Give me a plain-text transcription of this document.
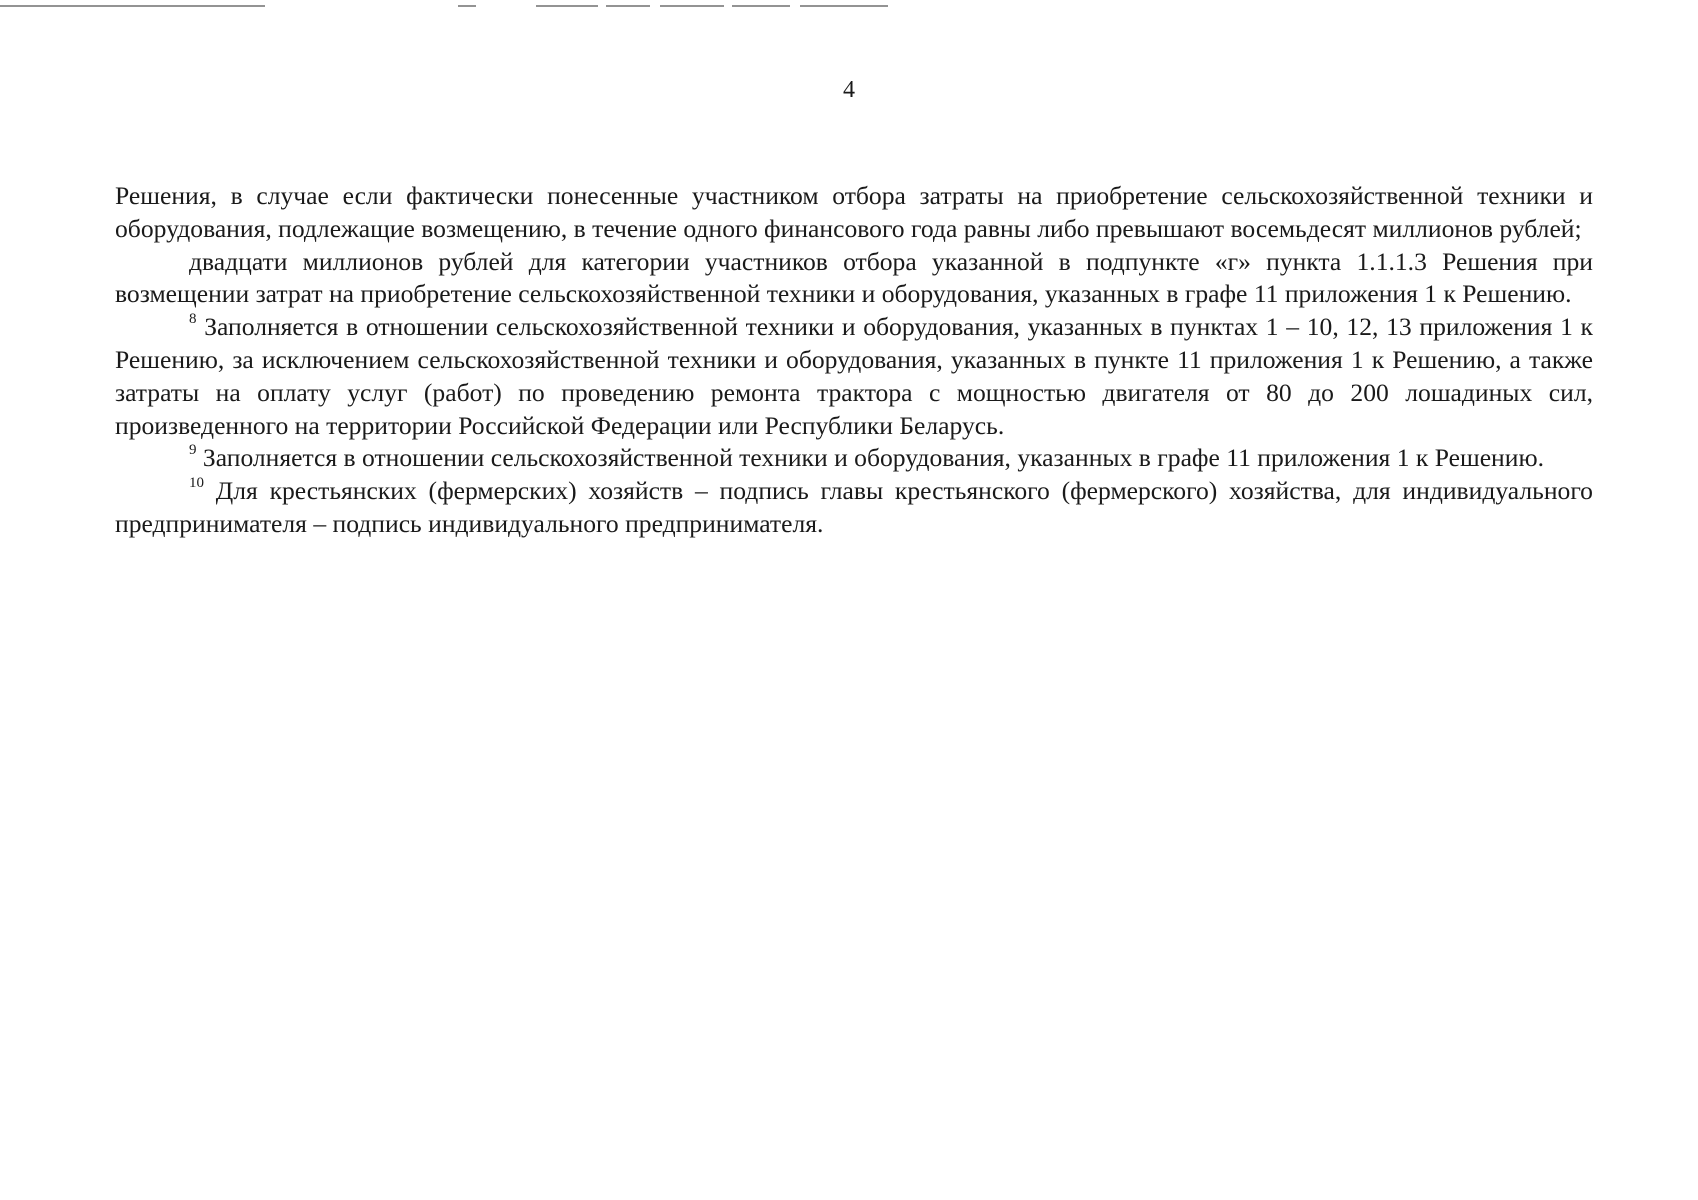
4

Решения, в случае если фактически понесенные участником отбора затраты на приобретение сельскохозяйственной техники и оборудования, подлежащие возмещению, в течение одного финансового года равны либо превышают восемьдесят миллионов рублей;

двадцати миллионов рублей для категории участников отбора указанной в подпункте «г» пункта 1.1.1.3 Решения при возмещении затрат на приобретение сельскохозяйственной техники и оборудования, указанных в графе 11 приложения 1 к Решению.

$^8$ Заполняется в отношении сельскохозяйственной техники и оборудования, указанных в пунктах 1 – 10, 12, 13 приложения 1 к Решению, за исключением сельскохозяйственной техники и оборудования, указанных в пункте 11 приложения 1 к Решению, а также затраты на оплату услуг (работ) по проведению ремонта трактора с мощностью двигателя от 80 до 200 лошадиных сил, произведенного на территории Российской Федерации или Республики Беларусь.

$^9$ Заполняется в отношении сельскохозяйственной техники и оборудования, указанных в графе 11 приложения 1 к Решению.

$^{10}$ Для крестьянских (фермерских) хозяйств – подпись главы крестьянского (фермерского) хозяйства, для индивидуального предпринимателя – подпись индивидуального предпринимателя.
